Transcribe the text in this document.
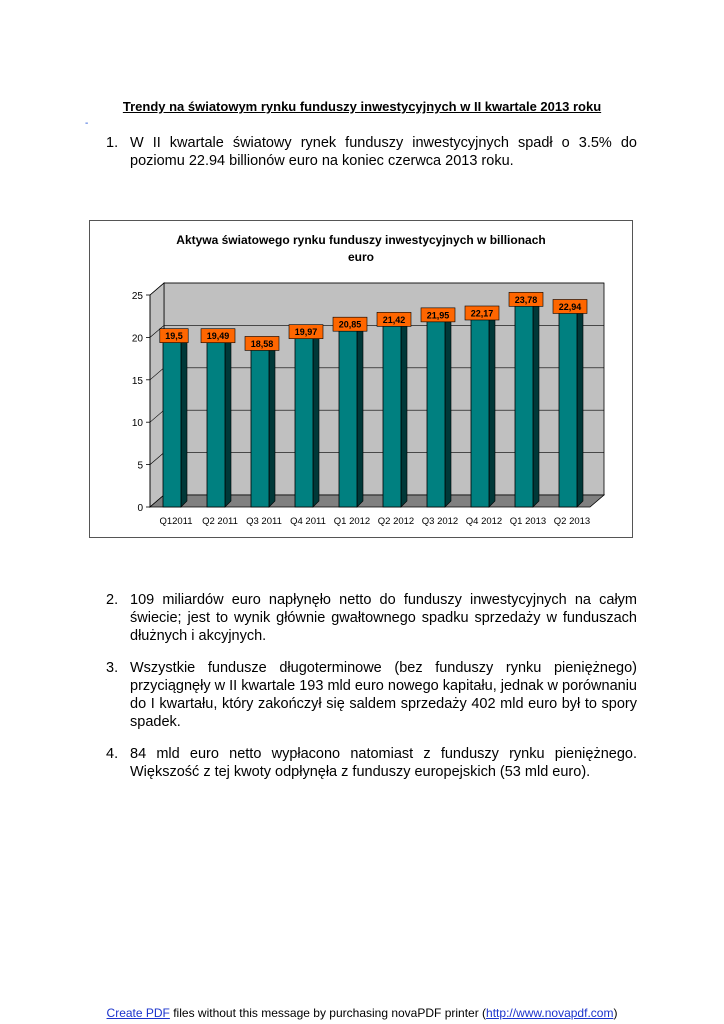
Trendy na światowym rynku funduszy inwestycyjnych w II kwartale 2013 roku
-
1. W II kwartale światowy rynek funduszy inwestycyjnych spadł o 3.5% do poziomu 22.94 billionów euro na koniec czerwca 2013 roku.
Aktywa światowego rynku funduszy inwestycyjnych w billionach
euro
0
5
10
15
20
25
19,5
Q12011
19,49
Q2 2011
18,58
Q3 2011
19,97
Q4 2011
20,85
Q1 2012
21,42
Q2 2012
21,95
Q3 2012
22,17
Q4 2012
23,78
Q1 2013
22,94
Q2 2013
2. 109 miliardów euro napłynęło netto do funduszy inwestycyjnych na całym świecie; jest to wynik głównie gwałtownego spadku sprzedaży w funduszach dłużnych i akcyjnych.
3. Wszystkie fundusze długoterminowe (bez funduszy rynku pieniężnego) przyciągnęły w II kwartale 193 mld euro nowego kapitału, jednak w porównaniu do I kwartału, który zakończył się saldem sprzedaży 402 mld euro był to spory spadek.
4. 84 mld euro netto wypłacono natomiast z funduszy rynku pieniężnego. Większość z tej kwoty odpłynęła z funduszy europejskich (53 mld euro).
Create PDF files without this message by purchasing novaPDF printer (http://www.novapdf.com)
